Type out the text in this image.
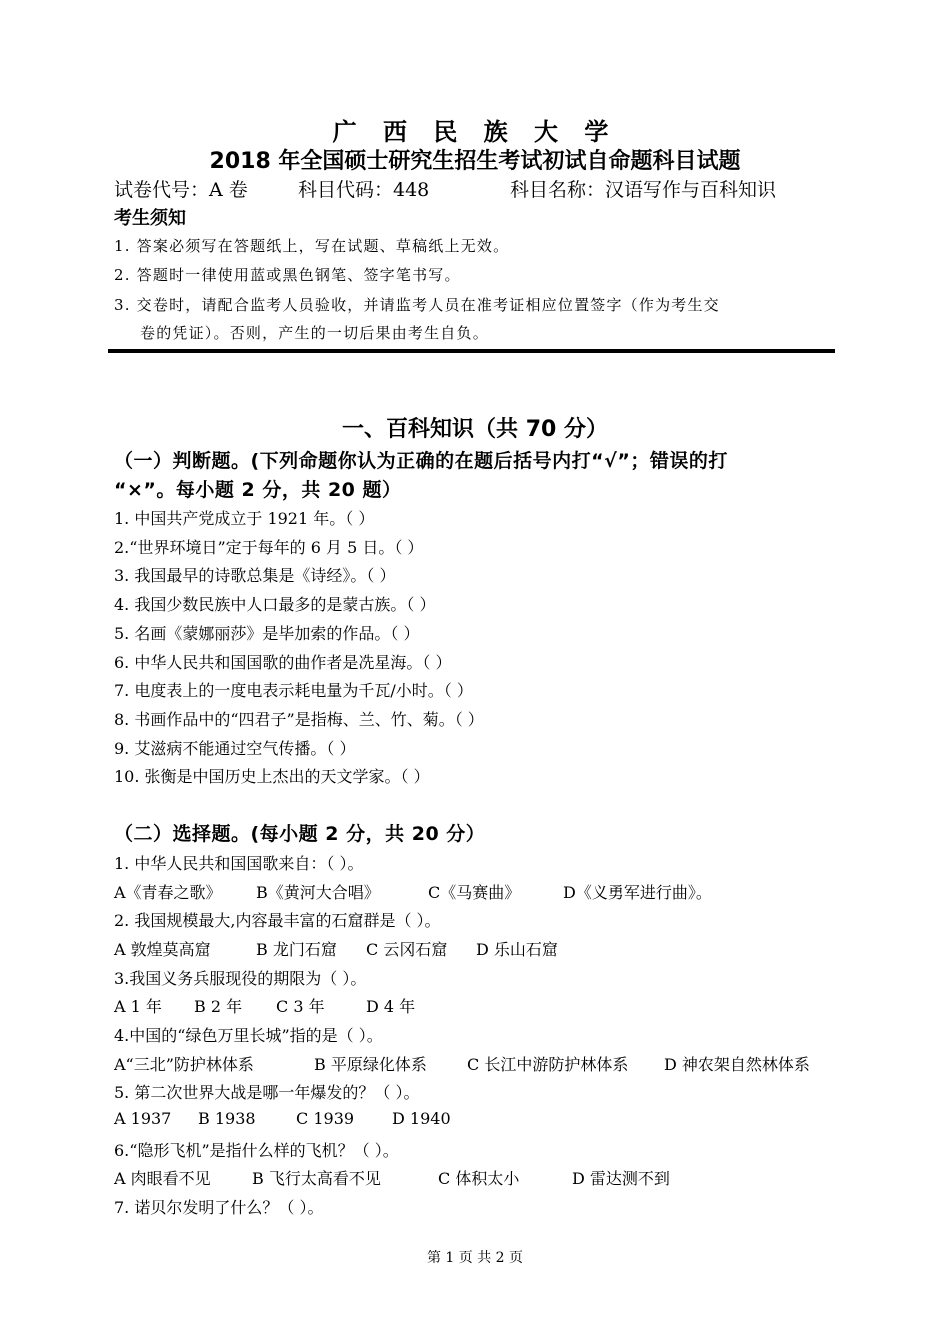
广 西 民 族 大 学
2018 年全国硕士研究生招生考试初试自命题科目试题
试卷代号：A 卷	科目代码：448	科目名称：汉语写作与百科知识
考生须知
1. 答案必须写在答题纸上，写在试题、草稿纸上无效。
2. 答题时一律使用蓝或黑色钢笔、签字笔书写。
3. 交卷时，请配合监考人员验收，并请监考人员在准考证相应位置签字（作为考生交
卷的凭证）。否则，产生的一切后果由考生自负。
一、百科知识（共 70 分）
（一）判断题。(下列命题你认为正确的在题后括号内打“√”；错误的打
“×”。每小题 2 分，共 20 题）
1. 中国共产党成立于 1921 年。（ ）
2.“世界环境日”定于每年的 6 月 5 日。（ ）
3. 我国最早的诗歌总集是《诗经》。（ ）
4. 我国少数民族中人口最多的是蒙古族。（ ）
5. 名画《蒙娜丽莎》是毕加索的作品。（ ）
6. 中华人民共和国国歌的曲作者是冼星海。（ ）
7. 电度表上的一度电表示耗电量为千瓦/小时。（ ）
8. 书画作品中的“四君子”是指梅、兰、竹、菊。（ ）
9. 艾滋病不能通过空气传播。（ ）
10. 张衡是中国历史上杰出的天文学家。（ ）
（二）选择题。(每小题 2 分，共 20 分）
1. 中华人民共和国国歌来自：（ ）。
A《青春之歌》 B《黄河大合唱》	C《马赛曲》	D《义勇军进行曲》。
2. 我国规模最大,内容最丰富的石窟群是（ ）。
A 敦煌莫高窟	B 龙门石窟 C 云冈石窟 D 乐山石窟
3.我国义务兵服现役的期限为（ ）。
A 1 年 B 2 年 C 3 年	D 4 年
4.中国的“绿色万里长城”指的是（ ）。
A“三北”防护林体系	B 平原绿化体系	C 长江中游防护林体系 D 神农架自然林体系
5. 第二次世界大战是哪一年爆发的？（ ）。
A 1937 B 1938	C 1939 D 1940
6.“隐形飞机”是指什么样的飞机？（ ）。
A 肉眼看不见	B 飞行太高看不见	C 体积太小	D 雷达测不到
7. 诺贝尔发明了什么？（ ）。
第 1 页 共 2 页
